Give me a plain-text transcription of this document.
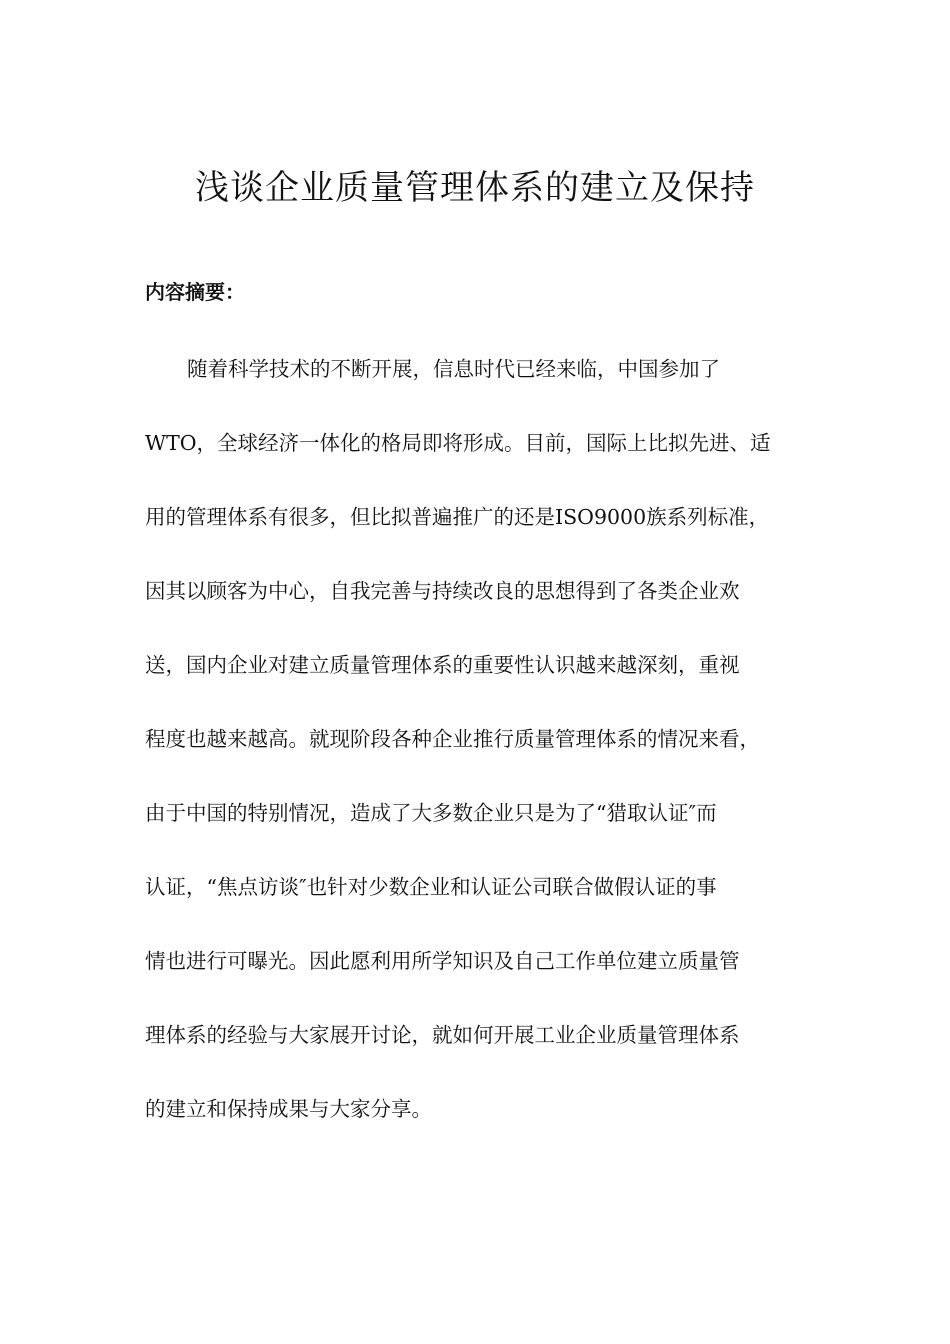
浅谈企业质量管理体系的建立及保持
内容摘要：
随着科学技术的不断开展，信息时代已经来临，中国参加了
WTO，全球经济一体化的格局即将形成。目前，国际上比拟先进、适
用的管理体系有很多，但比拟普遍推广的还是ISO9000族系列标准，
因其以顾客为中心，自我完善与持续改良的思想得到了各类企业欢
送，国内企业对建立质量管理体系的重要性认识越来越深刻，重视
程度也越来越高。就现阶段各种企业推行质量管理体系的情况来看，
由于中国的特别情况，造成了大多数企业只是为了“猎取认证″而
认证，“焦点访谈″也针对少数企业和认证公司联合做假认证的事
情也进行可曝光。因此愿利用所学知识及自己工作单位建立质量管
理体系的经验与大家展开讨论，就如何开展工业企业质量管理体系
的建立和保持成果与大家分享。
